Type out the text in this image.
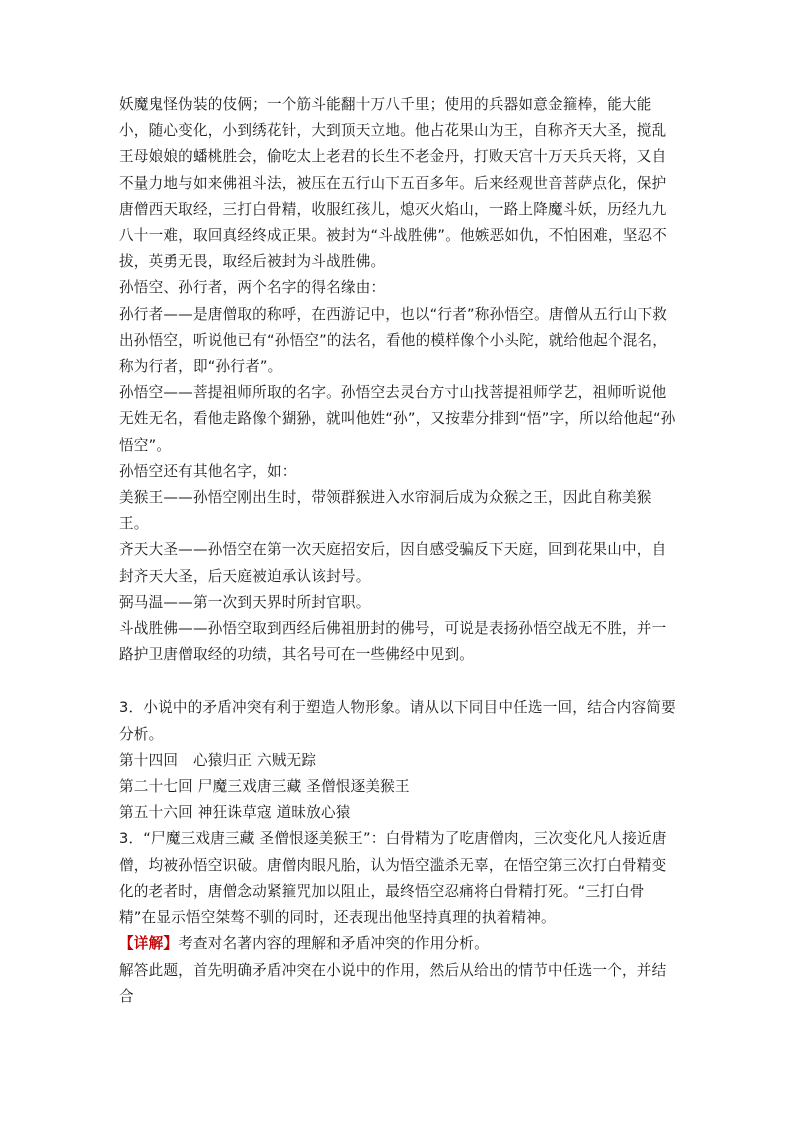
妖魔鬼怪伪装的伎俩；一个筋斗能翻十万八千里；使用的兵器如意金箍棒，能大能小，随心变化，小到绣花针，大到顶天立地。他占花果山为王，自称齐天大圣，搅乱王母娘娘的蟠桃胜会，偷吃太上老君的长生不老金丹，打败天宫十万天兵天将，又自不量力地与如来佛祖斗法，被压在五行山下五百多年。后来经观世音菩萨点化，保护唐僧西天取经，三打白骨精，收服红孩儿，熄灭火焰山，一路上降魔斗妖，历经九九八十一难，取回真经终成正果。被封为“斗战胜佛”。他嫉恶如仇，不怕困难，坚忍不拔，英勇无畏，取经后被封为斗战胜佛。

孙悟空、孙行者，两个名字的得名缘由：

孙行者——是唐僧取的称呼，在西游记中，也以“行者”称孙悟空。唐僧从五行山下救出孙悟空，听说他已有“孙悟空”的法名，看他的模样像个小头陀，就给他起个混名，称为行者，即“孙行者”。

孙悟空——菩提祖师所取的名字。孙悟空去灵台方寸山找菩提祖师学艺，祖师听说他无姓无名，看他走路像个猢狲，就叫他姓“孙”，又按辈分排到“悟”字，所以给他起“孙悟空”。

孙悟空还有其他名字，如：

美猴王——孙悟空刚出生时，带领群猴进入水帘洞后成为众猴之王，因此自称美猴王。

齐天大圣——孙悟空在第一次天庭招安后，因自感受骗反下天庭，回到花果山中，自封齐天大圣，后天庭被迫承认该封号。

弼马温——第一次到天界时所封官职。

斗战胜佛——孙悟空取到西经后佛祖册封的佛号，可说是表扬孙悟空战无不胜，并一路护卫唐僧取经的功绩，其名号可在一些佛经中见到。

3．小说中的矛盾冲突有利于塑造人物形象。请从以下同目中任选一回，结合内容简要分析。

第十四回　心猿归正 六贼无踪

第二十七回 尸魔三戏唐三藏 圣僧恨逐美猴王

第五十六回 神狂诛草寇 道昧放心猿

3．“尸魔三戏唐三藏 圣僧恨逐美猴王”：白骨精为了吃唐僧肉，三次变化凡人接近唐僧，均被孙悟空识破。唐僧肉眼凡胎，认为悟空滥杀无辜，在悟空第三次打白骨精变化的老者时，唐僧念动紧箍咒加以阻止，最终悟空忍痛将白骨精打死。“三打白骨精”在显示悟空桀骜不驯的同时，还表现出他坚持真理的执着精神。

【详解】考查对名著内容的理解和矛盾冲突的作用分析。

解答此题，首先明确矛盾冲突在小说中的作用，然后从给出的情节中任选一个，并结合
